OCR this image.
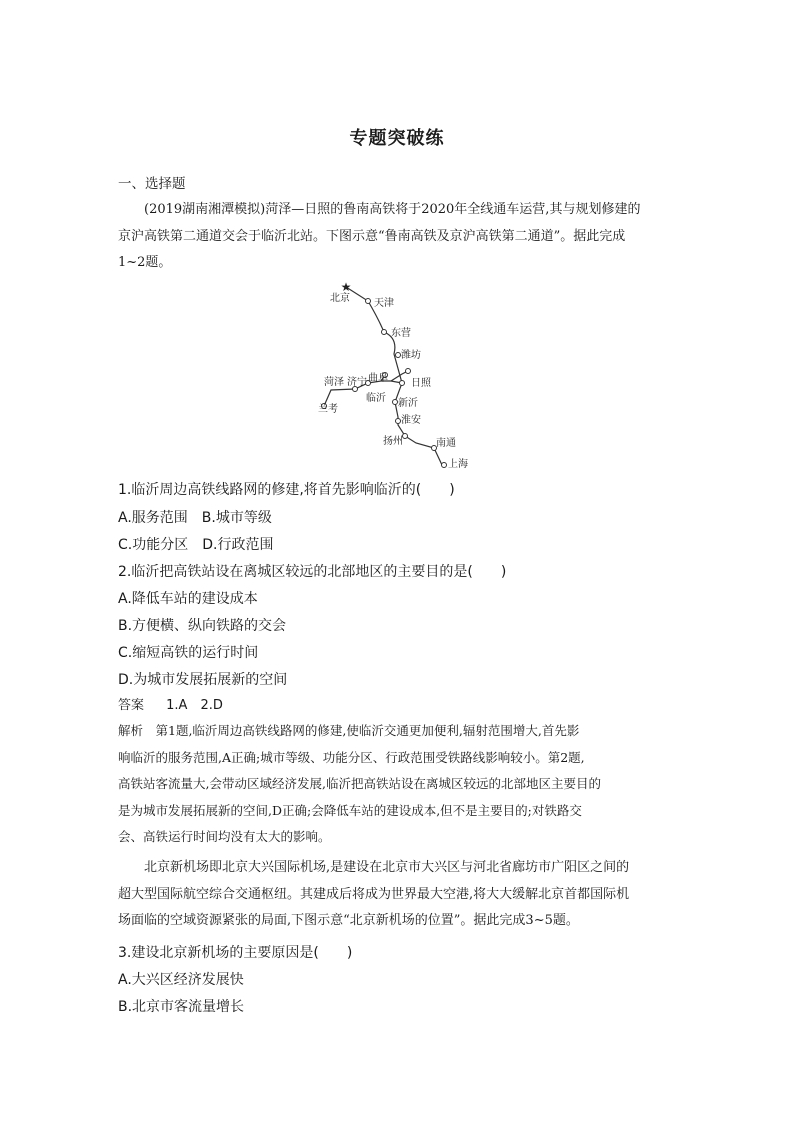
专题突破练
一、选择题
(2019湖南湘潭模拟)菏泽—日照的鲁南高铁将于2020年全线通车运营,其与规划修建的
京沪高铁第二通道交会于临沂北站。下图示意“鲁南高铁及京沪高铁第二通道”。据此完成
1~2题。
★
北京 天津
东营
潍坊
菏泽 济宁 曲阜 日照
临沂 新沂
淮安
扬州	南通
上海
兰考
1.临沂周边高铁线路网的修建,将首先影响临沂的(　　)
A.服务范围　B.城市等级
C.功能分区　D.行政范围
2.临沂把高铁站设在离城区较远的北部地区的主要目的是(　　)
A.降低车站的建设成本
B.方便横、纵向铁路的交会
C.缩短高铁的运行时间
D.为城市发展拓展新的空间
答案 1.A　2.D
解析　第1题,临沂周边高铁线路网的修建,使临沂交通更加便利,辐射范围增大,首先影
响临沂的服务范围,A正确;城市等级、功能分区、行政范围受铁路线影响较小。第2题,
高铁站客流量大,会带动区域经济发展,临沂把高铁站设在离城区较远的北部地区主要目的
是为城市发展拓展新的空间,D正确;会降低车站的建设成本,但不是主要目的;对铁路交
会、高铁运行时间均没有太大的影响。
北京新机场即北京大兴国际机场,是建设在北京市大兴区与河北省廊坊市广阳区之间的
超大型国际航空综合交通枢纽。其建成后将成为世界最大空港,将大大缓解北京首都国际机
场面临的空域资源紧张的局面,下图示意“北京新机场的位置”。据此完成3~5题。
3.建设北京新机场的主要原因是(　　)
A.大兴区经济发展快
B.北京市客流量增长
